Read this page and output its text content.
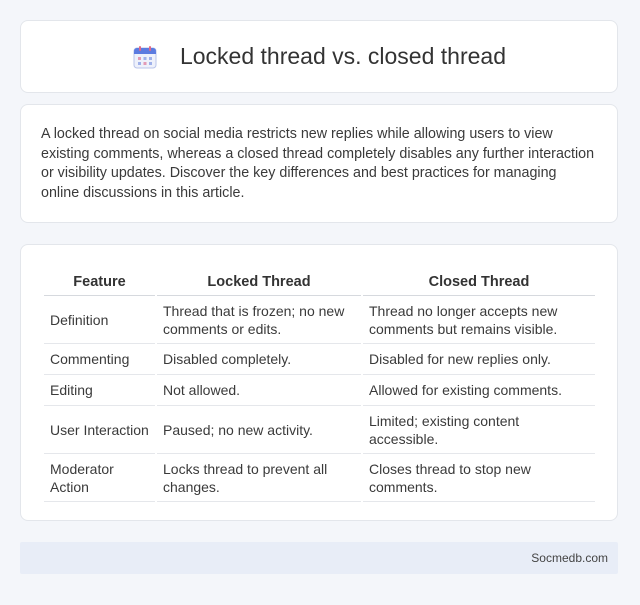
Locked thread vs. closed thread

A locked thread on social media restricts new replies while allowing users to view existing comments, whereas a closed thread completely disables any further interaction or visibility updates. Discover the key differences and best practices for managing online discussions in this article.

Feature	Locked Thread	Closed Thread
Definition	Thread that is frozen; no new comments or edits.	Thread no longer accepts new comments but remains visible.
Commenting	Disabled completely.	Disabled for new replies only.
Editing	Not allowed.	Allowed for existing comments.
User Interaction	Paused; no new activity.	Limited; existing content accessible.
Moderator Action	Locks thread to prevent all changes.	Closes thread to stop new comments.
Socmedb.com
